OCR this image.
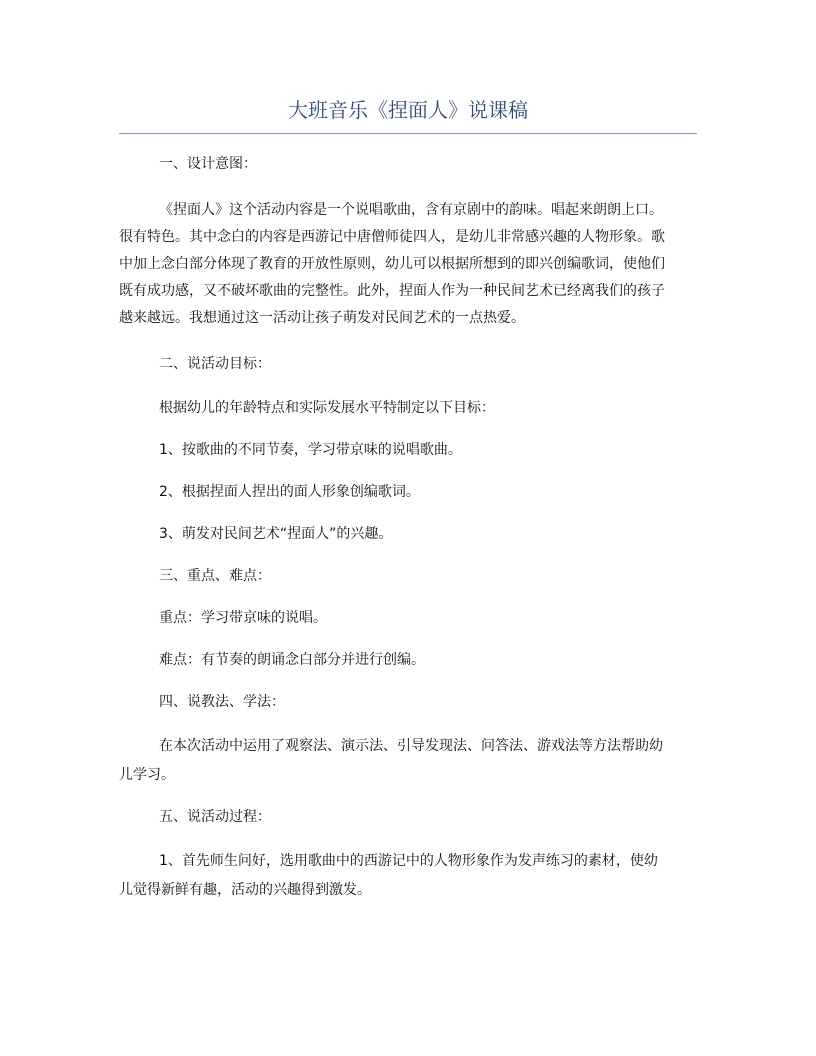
大班音乐《捏面人》说课稿
一、设计意图：
《捏面人》这个活动内容是一个说唱歌曲，含有京剧中的韵味。唱起来朗朗上口。
很有特色。其中念白的内容是西游记中唐僧师徒四人，是幼儿非常感兴趣的人物形象。歌
中加上念白部分体现了教育的开放性原则，幼儿可以根据所想到的即兴创编歌词，使他们
既有成功感，又不破坏歌曲的完整性。此外，捏面人作为一种民间艺术已经离我们的孩子
越来越远。我想通过这一活动让孩子萌发对民间艺术的一点热爱。
二、说活动目标：
根据幼儿的年龄特点和实际发展水平特制定以下目标：
1、按歌曲的不同节奏，学习带京味的说唱歌曲。
2、根据捏面人捏出的面人形象创编歌词。
3、萌发对民间艺术“捏面人”的兴趣。
三、重点、难点：
重点：学习带京味的说唱。
难点：有节奏的朗诵念白部分并进行创编。
四、说教法、学法：
在本次活动中运用了观察法、演示法、引导发现法、问答法、游戏法等方法帮助幼
儿学习。
五、说活动过程：
1、首先师生问好，选用歌曲中的西游记中的人物形象作为发声练习的素材，使幼
儿觉得新鲜有趣，活动的兴趣得到激发。
